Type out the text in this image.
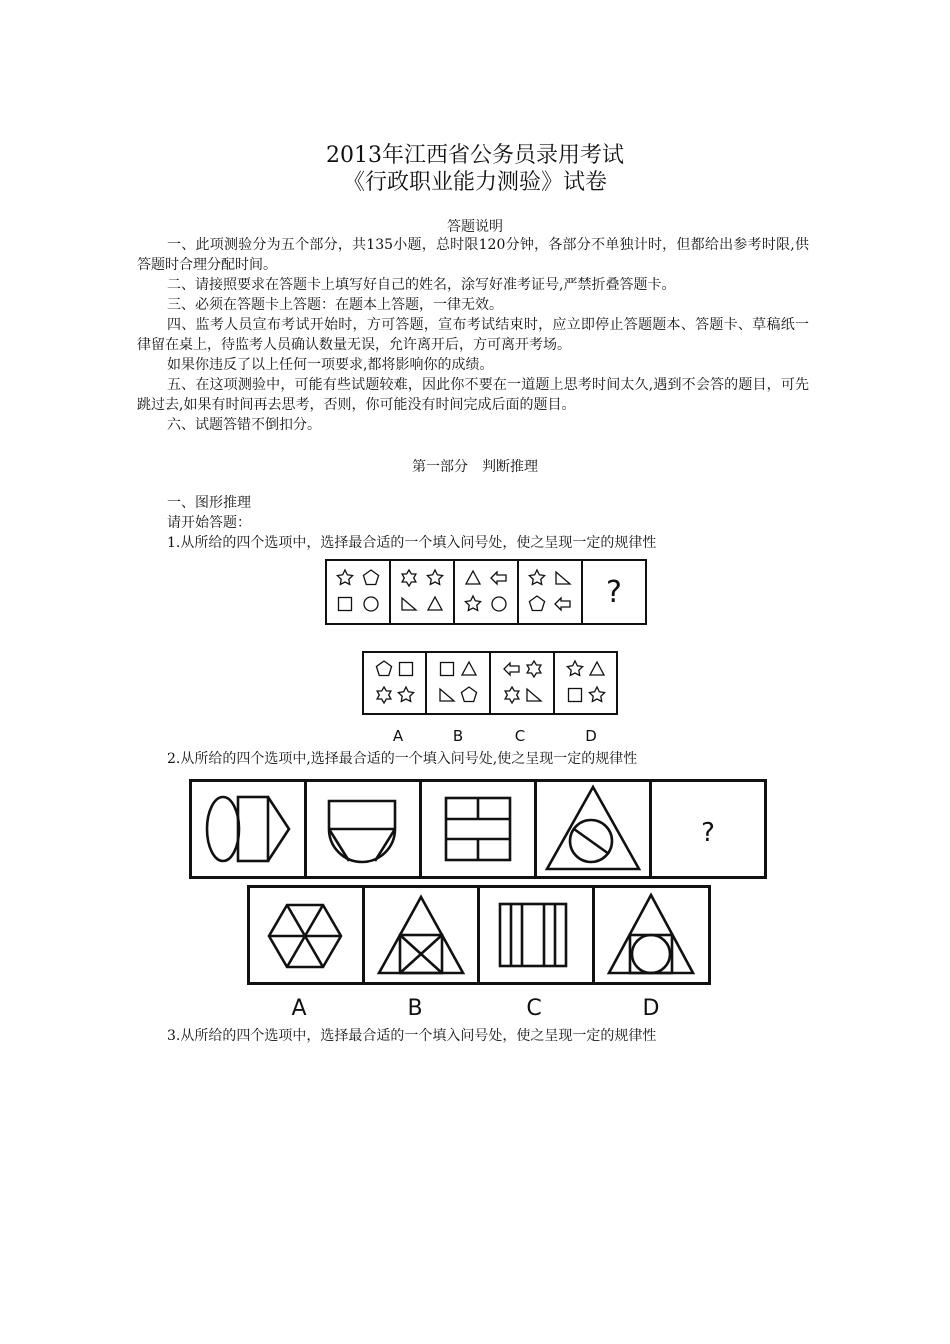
2013年江西省公务员录用考试
《行政职业能力测验》试卷
答题说明

一、此项测验分为五个部分，共135小题，总时限120分钟，各部分不单独计时，但都给出参考时限,供答题时合理分配时间。

二、请接照要求在答题卡上填写好自己的姓名，涂写好准考证号,严禁折叠答题卡。

三、必须在答题卡上答题：在题本上答题，一律无效。

四、监考人员宣布考试开始时，方可答题，宣布考试结束时，应立即停止答题题本、答题卡、草稿纸一律留在桌上，待监考人员确认数量无误，允许离开后，方可离开考场。

如果你违反了以上任何一项要求,都将影响你的成绩。

五、在这项测验中，可能有些试题较难，因此你不要在一道题上思考时间太久,遇到不会答的题目，可先跳过去,如果有时间再去思考，否则，你可能没有时间完成后面的题目。

六、试题答错不倒扣分。

第一部分　判断推理
一、图形推理
请开始答题：
1.从所给的四个选项中，选择最合适的一个填入问号处，使之呈现一定的规律性
?
A	B	C	D
2.从所给的四个选项中,选择最合适的一个填入问号处,使之呈现一定的规律性
?
A	B	C	D
3.从所给的四个选项中，选择最合适的一个填入问号处，使之呈现一定的规律性
